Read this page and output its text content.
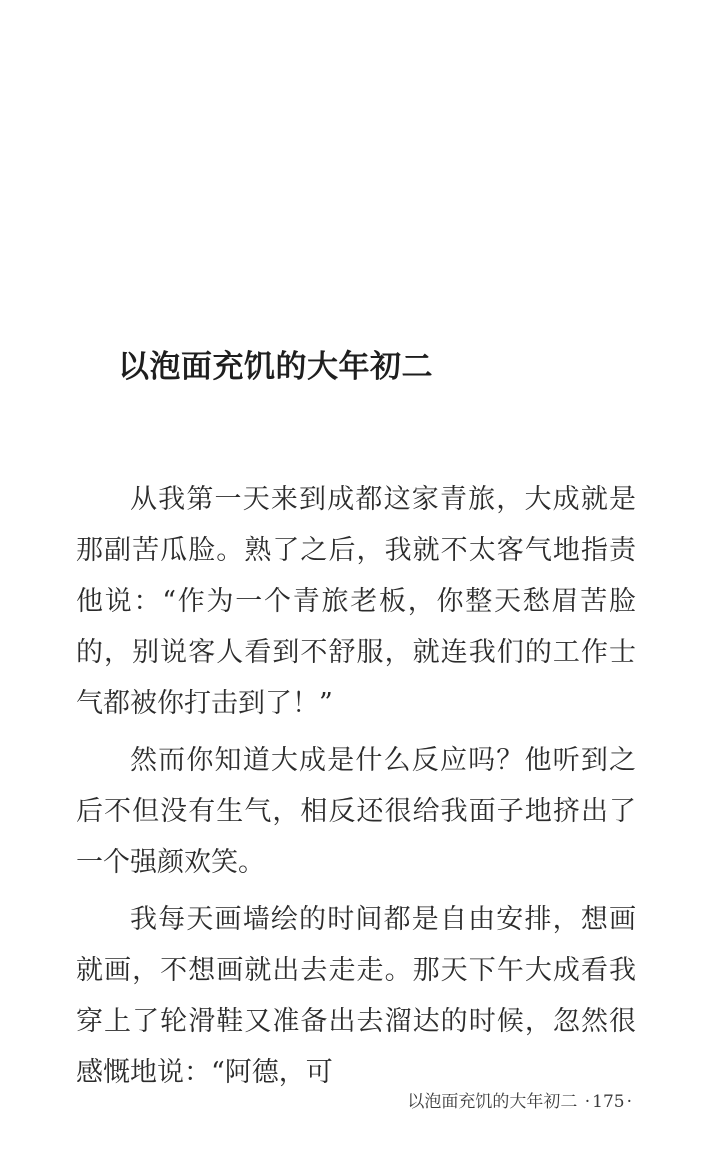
以泡面充饥的大年初二

从我第一天来到成都这家青旅，大成就是那副苦瓜脸。熟了之后，我就不太客气地指责他说：“作为一个青旅老板，你整天愁眉苦脸的，别说客人看到不舒服，就连我们的工作士气都被你打击到了！”

然而你知道大成是什么反应吗？他听到之后不但没有生气，相反还很给我面子地挤出了一个强颜欢笑。

我每天画墙绘的时间都是自由安排，想画就画，不想画就出去走走。那天下午大成看我穿上了轮滑鞋又准备出去溜达的时候，忽然很感慨地说：“阿德，可

以泡面充饥的大年初二 · 175 ·
